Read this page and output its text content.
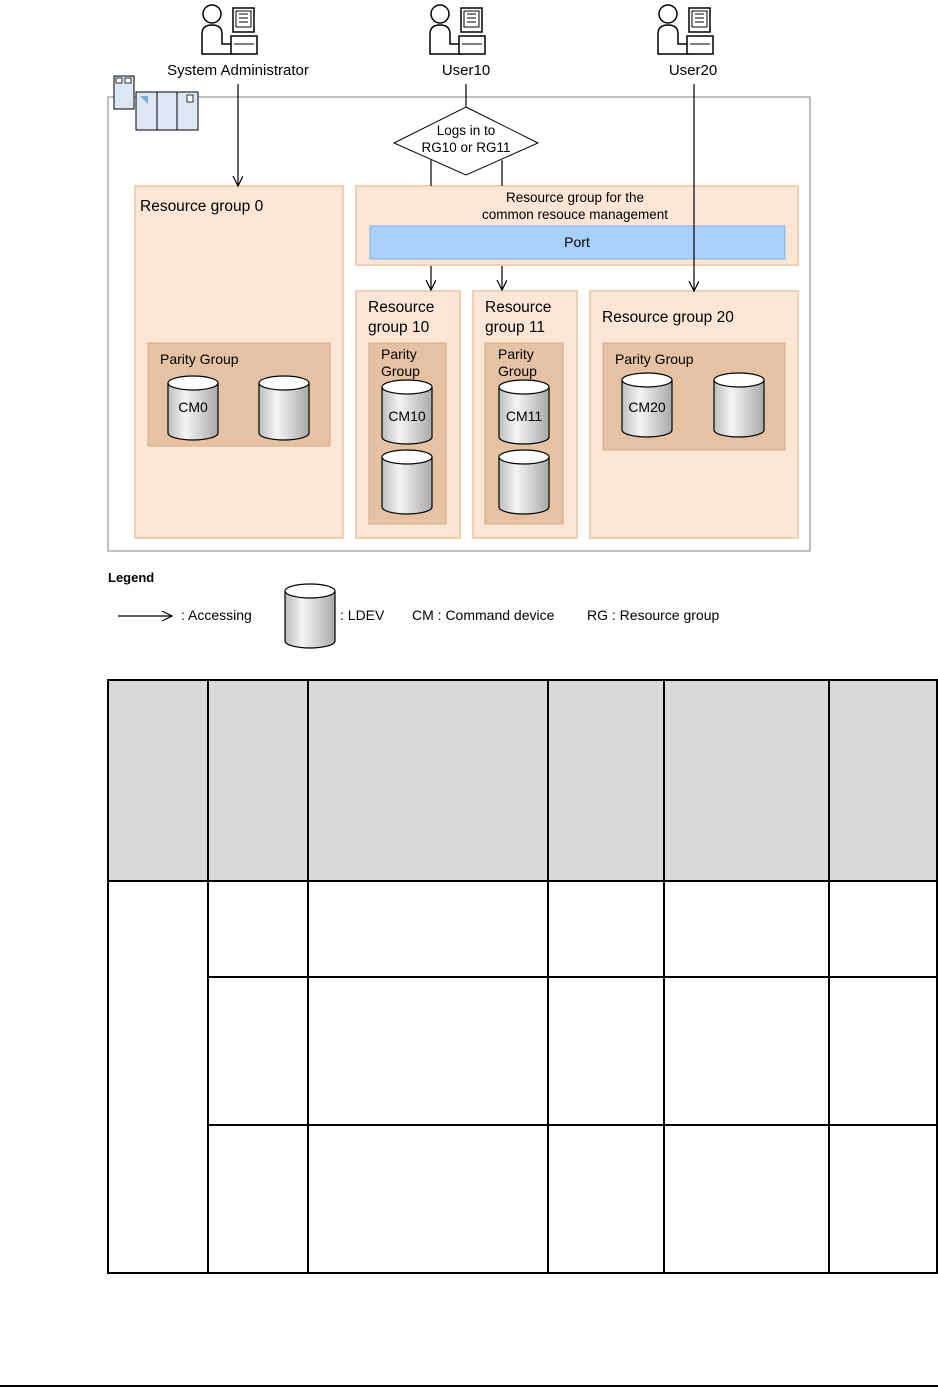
System Administrator	User10	User20
Logs in to
RG10 or RG11
Resource group for the
common resouce management
Port
Resource group 0
Parity Group
CM0
Resource
group 10
Parity
Group
CM10
Resource
group 11
Parity
Group
CM11
Resource group 20
Parity Group
CM20
Legend
: Accessing	: LDEV CM : Command device RG : Resource group
